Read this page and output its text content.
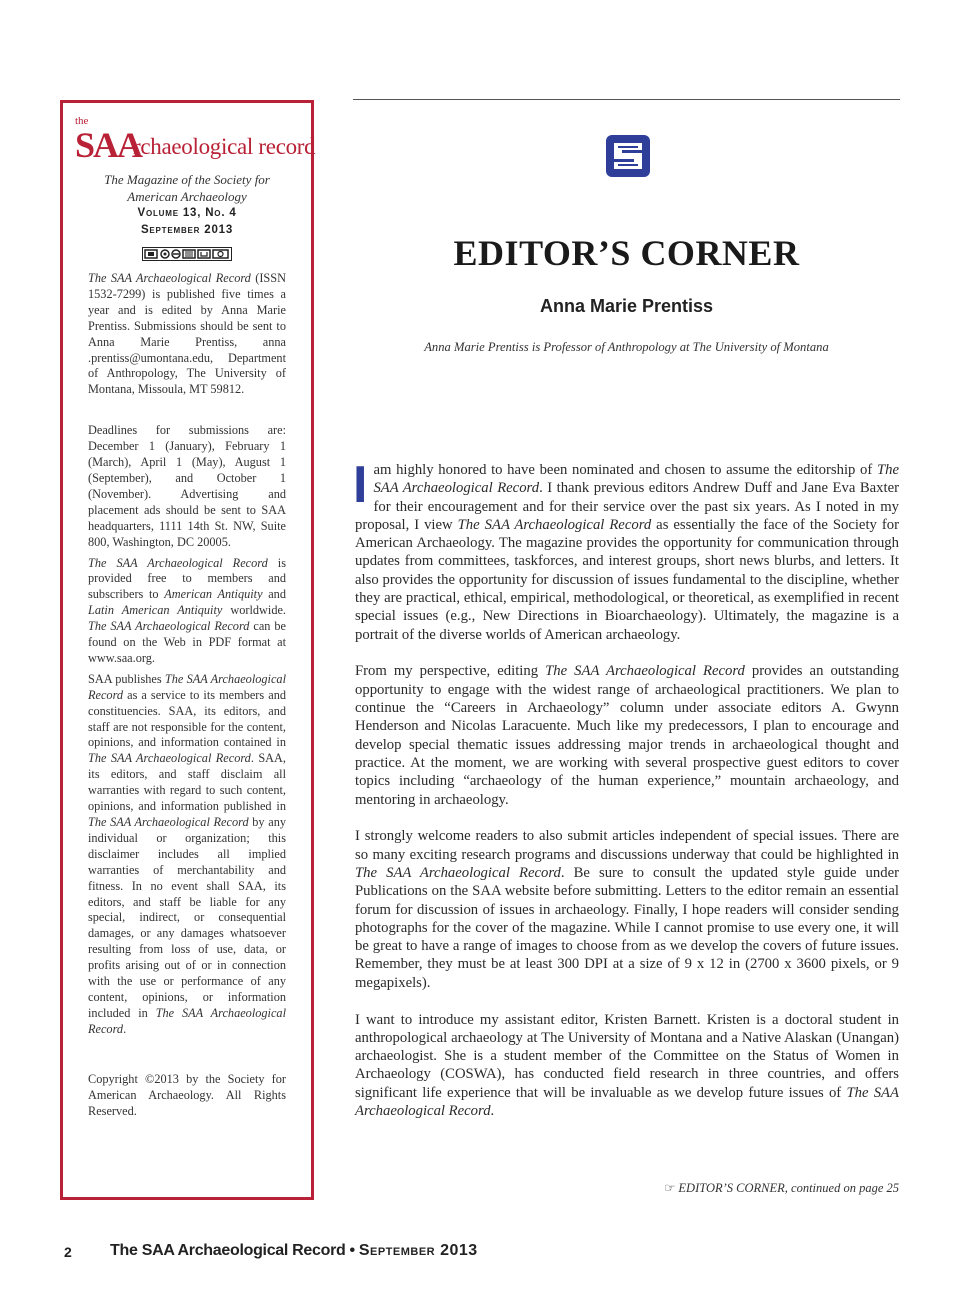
the
SAA
rchaeological record
The Magazine of the Society for American Archaeology
Volume 13, No. 4
September 2013

The SAA Archaeological Record (ISSN 1532-7299) is published five times a year and is edited by Anna Marie Prentiss. Submissions should be sent to Anna Marie Prentiss, anna .prentiss@umontana.edu, Department of Anthropology, The University of Montana, Missoula, MT 59812.

Deadlines for submissions are: December 1 (January), February 1 (March), April 1 (May), August 1 (September), and October 1 (November). Advertising and placement ads should be sent to SAA headquarters, 1111 14th St. NW, Suite 800, Washington, DC 20005.

The SAA Archaeological Record is provided free to members and subscribers to American Antiquity and Latin American Antiquity worldwide. The SAA Archaeological Record can be found on the Web in PDF format at www.saa.org.

SAA publishes The SAA Archaeological Record as a service to its members and constituencies. SAA, its editors, and staff are not responsible for the content, opinions, and information contained in The SAA Archaeological Record. SAA, its editors, and staff disclaim all warranties with regard to such content, opinions, and information published in The SAA Archaeological Record by any individual or organization; this disclaimer includes all implied warranties of merchantability and fitness. In no event shall SAA, its editors, and staff be liable for any special, indirect, or consequential damages, or any damages whatsoever resulting from loss of use, data, or profits arising out of or in connection with the use or performance of any content, opinions, or information included in The SAA Archaeological Record.

Copyright ©2013 by the Society for American Archaeology. All Rights Reserved.

EDITOR’S CORNER
Anna Marie Prentiss
Anna Marie Prentiss is Professor of Anthropology at The University of Montana

I am highly honored to have been nominated and chosen to assume the editorship of The SAA Archaeological Record. I thank previous editors Andrew Duff and Jane Eva Baxter for their encouragement and for their service over the past six years. As I noted in my proposal, I view The SAA Archaeological Record as essentially the face of the Society for American Archaeology. The magazine provides the opportunity for communication through updates from committees, taskforces, and interest groups, short news blurbs, and letters. It also provides the opportunity for discussion of issues fundamental to the discipline, whether they are practical, ethical, empirical, methodological, or theoretical, as exemplified in recent special issues (e.g., New Directions in Bioarchaeology). Ultimately, the magazine is a portrait of the diverse worlds of American archaeology.

From my perspective, editing The SAA Archaeological Record provides an outstanding opportunity to engage with the widest range of archaeological practitioners. We plan to continue the “Careers in Archaeology” column under associate editors A. Gwynn Henderson and Nicolas Laracuente. Much like my predecessors, I plan to encourage and develop special thematic issues addressing major trends in archaeological thought and practice. At the moment, we are working with several prospective guest editors to cover topics including “archaeology of the human experience,” mountain archaeology, and mentoring in archaeology.

I strongly welcome readers to also submit articles independent of special issues. There are so many exciting research programs and discussions underway that could be highlighted in The SAA Archaeological Record. Be sure to consult the updated style guide under Publications on the SAA website before submitting. Letters to the editor remain an essential forum for discussion of issues in archaeology. Finally, I hope readers will consider sending photographs for the cover of the magazine. While I cannot promise to use every one, it will be great to have a range of images to choose from as we develop the covers of future issues. Remember, they must be at least 300 DPI at a size of 9 x 12 in (2700 x 3600 pixels, or 9 megapixels).

I want to introduce my assistant editor, Kristen Barnett. Kristen is a doctoral student in anthropological archaeology at The University of Montana and a Native Alaskan (Unangan) archaeologist. She is a student member of the Committee on the Status of Women in Archaeology (COSWA), has conducted field research in three countries, and offers significant life experience that will be invaluable as we develop future issues of The SAA Archaeological Record.

☞ EDITOR’S CORNER, continued on page 25
2 The SAA Archaeological Record • September 2013
